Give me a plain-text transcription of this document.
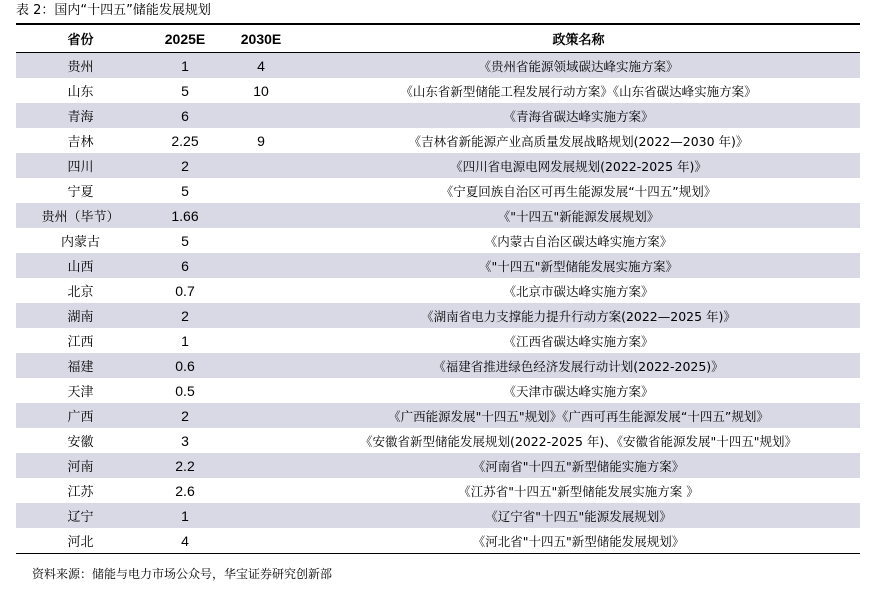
表 2：国内“十四五”储能发展规划
省份	2025E	2030E	政策名称
贵州	1	4	《贵州省能源领域碳达峰实施方案》
山东	5	10	《山东省新型储能工程发展行动方案》《山东省碳达峰实施方案》
青海	6		《青海省碳达峰实施方案》
吉林	2.25	9	《吉林省新能源产业高质量发展战略规划(2022—2030 年)》
四川	2		《四川省电源电网发展规划(2022-2025 年)》
宁夏	5		《宁夏回族自治区可再生能源发展“十四五”规划》
贵州（毕节）	1.66		《"十四五"新能源发展规划》
内蒙古	5		《内蒙古自治区碳达峰实施方案》
山西	6		《"十四五"新型储能发展实施方案》
北京	0.7		《北京市碳达峰实施方案》
湖南	2		《湖南省电力支撑能力提升行动方案(2022—2025 年)》
江西	1		《江西省碳达峰实施方案》
福建	0.6		《福建省推进绿色经济发展行动计划(2022-2025)》
天津	0.5		《天津市碳达峰实施方案》
广西	2		《广西能源发展"十四五"规划》《广西可再生能源发展“十四五”规划》
安徽	3		《安徽省新型储能发展规划(2022-2025 年)、《安徽省能源发展"十四五"规划》
河南	2.2		《河南省"十四五"新型储能实施方案》
江苏	2.6		《江苏省"十四五"新型储能发展实施方案 》
辽宁	1		《辽宁省"十四五"能源发展规划》
河北	4		《河北省"十四五"新型储能发展规划》
资料来源：储能与电力市场公众号，华宝证券研究创新部
